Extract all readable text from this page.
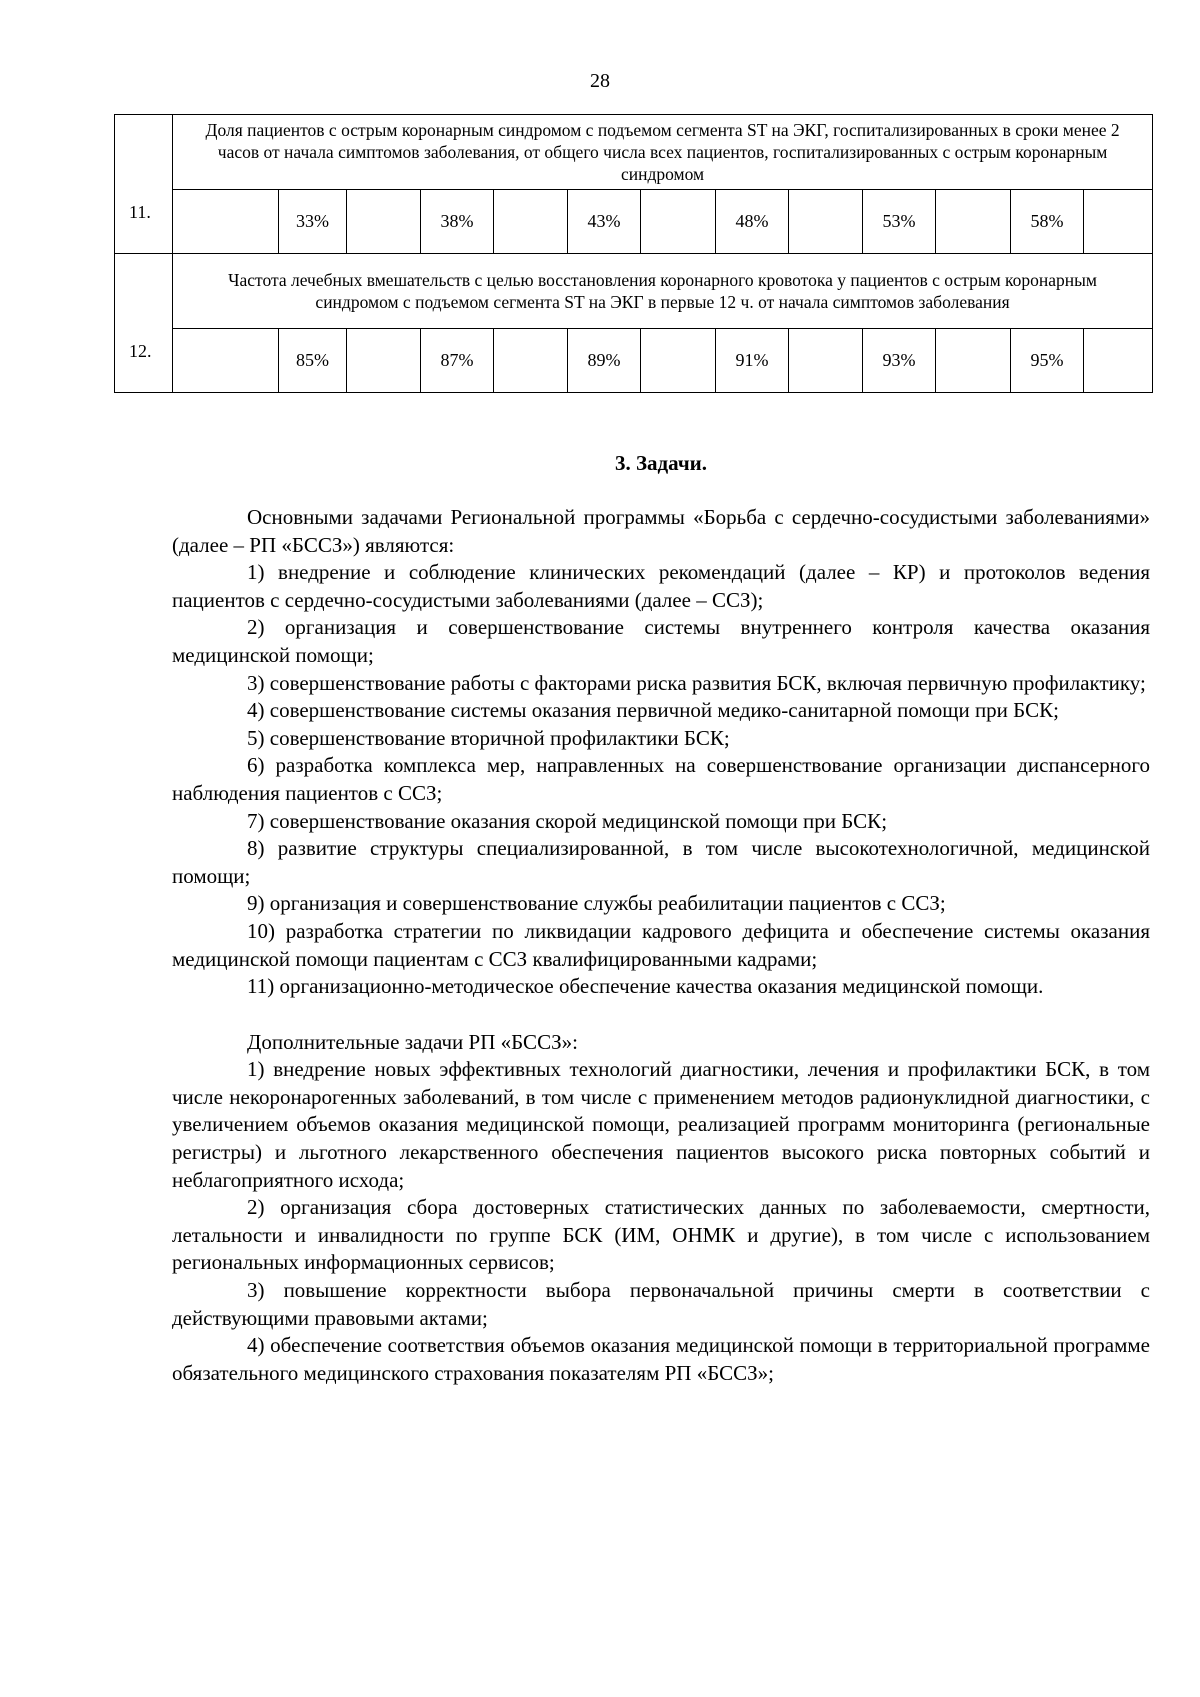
28
11.	Доля пациентов с острым коронарным синдромом с подъемом сегмента ST на ЭКГ, госпитализированных в сроки менее 2 часов от начала симптомов заболевания, от общего числа всех пациентов, госпитализированных с острым коронарным синдромом												
		33%		38%		43%		48%		53%		58%	
12.	Частота лечебных вмешательств с целью восстановления коронарного кровотока у пациентов с острым коронарным синдромом с подъемом сегмента ST на ЭКГ в первые 12 ч. от начала симптомов заболевания												
		85%		87%		89%		91%		93%		95%	
3. Задачи.

Основными задачами Региональной программы «Борьба с сердечно-сосудистыми заболеваниями» (далее – РП «БССЗ») являются:

1) внедрение и соблюдение клинических рекомендаций (далее – КР) и протоколов ведения пациентов с сердечно-сосудистыми заболеваниями (далее – ССЗ);

2) организация и совершенствование системы внутреннего контроля качества оказания медицинской помощи;

3) совершенствование работы с факторами риска развития БСК, включая первичную профилактику;

4) совершенствование системы оказания первичной медико-санитарной помощи при БСК;

5) совершенствование вторичной профилактики БСК;

6) разработка комплекса мер, направленных на совершенствование организации диспансерного наблюдения пациентов с ССЗ;

7) совершенствование оказания скорой медицинской помощи при БСК;

8) развитие структуры специализированной, в том числе высокотехнологичной, медицинской помощи;

9) организация и совершенствование службы реабилитации пациентов с ССЗ;

10) разработка стратегии по ликвидации кадрового дефицита и обеспечение системы оказания медицинской помощи пациентам с ССЗ квалифицированными кадрами;

11) организационно-методическое обеспечение качества оказания медицинской помощи.

Дополнительные задачи РП «БССЗ»:

1) внедрение новых эффективных технологий диагностики, лечения и профилактики БСК, в том числе некоронарогенных заболеваний, в том числе с применением методов радионуклидной диагностики, с увеличением объемов оказания медицинской помощи, реализацией программ мониторинга (региональные регистры) и льготного лекарственного обеспечения пациентов высокого риска повторных событий и неблагоприятного исхода;

2) организация сбора достоверных статистических данных по заболеваемости, смертности, летальности и инвалидности по группе БСК (ИМ, ОНМК и другие), в том числе с использованием региональных информационных сервисов;

3) повышение корректности выбора первоначальной причины смерти в соответствии с действующими правовыми актами;

4) обеспечение соответствия объемов оказания медицинской помощи в территориальной программе обязательного медицинского страхования показателям РП «БССЗ»;
